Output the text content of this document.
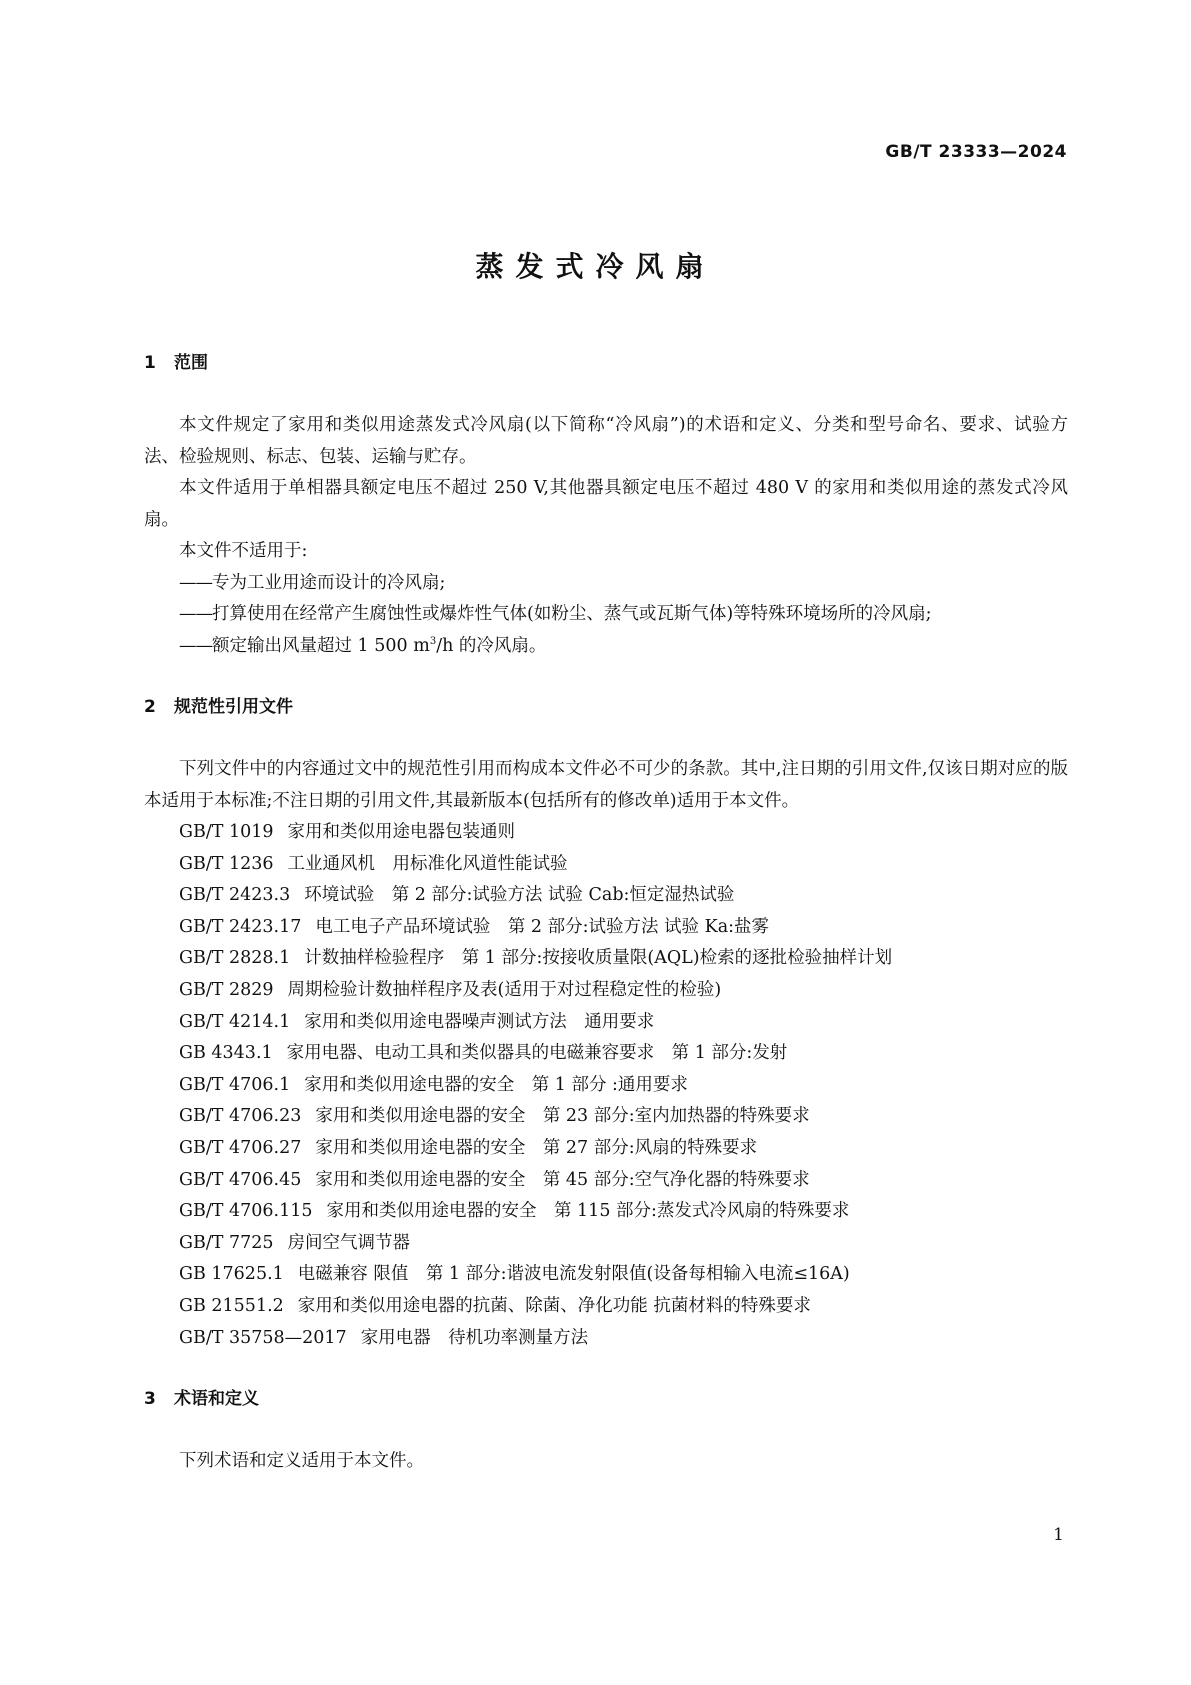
GB/T 23333—2024
蒸发式冷风扇
1 范围
本文件规定了家用和类似用途蒸发式冷风扇(以下简称“冷风扇”)的术语和定义、分类和型号命名、要求、试验方法、检验规则、标志、包装、运输与贮存。
本文件适用于单相器具额定电压不超过 250 V,其他器具额定电压不超过 480 V 的家用和类似用途的蒸发式冷风扇。
本文件不适用于:
——专为工业用途而设计的冷风扇;
——打算使用在经常产生腐蚀性或爆炸性气体(如粉尘、蒸气或瓦斯气体)等特殊环境场所的冷风扇;
——额定输出风量超过 1 500 $m^3/h$ 的冷风扇。
2 规范性引用文件
下列文件中的内容通过文中的规范性引用而构成本文件必不可少的条款。其中,注日期的引用文件,仅该日期对应的版本适用于本标准;不注日期的引用文件,其最新版本(包括所有的修改单)适用于本文件。
GB/T 1019 家用和类似用途电器包装通则
GB/T 1236 工业通风机　用标准化风道性能试验
GB/T 2423.3 环境试验　第 2 部分:试验方法 试验 Cab:恒定湿热试验
GB/T 2423.17 电工电子产品环境试验　第 2 部分:试验方法 试验 Ka:盐雾
GB/T 2828.1 计数抽样检验程序　第 1 部分:按接收质量限(AQL)检索的逐批检验抽样计划
GB/T 2829 周期检验计数抽样程序及表(适用于对过程稳定性的检验)
GB/T 4214.1 家用和类似用途电器噪声测试方法　通用要求
GB 4343.1 家用电器、电动工具和类似器具的电磁兼容要求　第 1 部分:发射
GB/T 4706.1 家用和类似用途电器的安全　第 1 部分 :通用要求
GB/T 4706.23 家用和类似用途电器的安全　第 23 部分:室内加热器的特殊要求
GB/T 4706.27 家用和类似用途电器的安全　第 27 部分:风扇的特殊要求
GB/T 4706.45 家用和类似用途电器的安全　第 45 部分:空气净化器的特殊要求
GB/T 4706.115 家用和类似用途电器的安全　第 115 部分:蒸发式冷风扇的特殊要求
GB/T 7725 房间空气调节器
GB 17625.1 电磁兼容 限值　第 1 部分:谐波电流发射限值(设备每相输入电流≤16A)
GB 21551.2 家用和类似用途电器的抗菌、除菌、净化功能 抗菌材料的特殊要求
GB/T 35758—2017 家用电器　待机功率测量方法
3 术语和定义
下列术语和定义适用于本文件。
1
